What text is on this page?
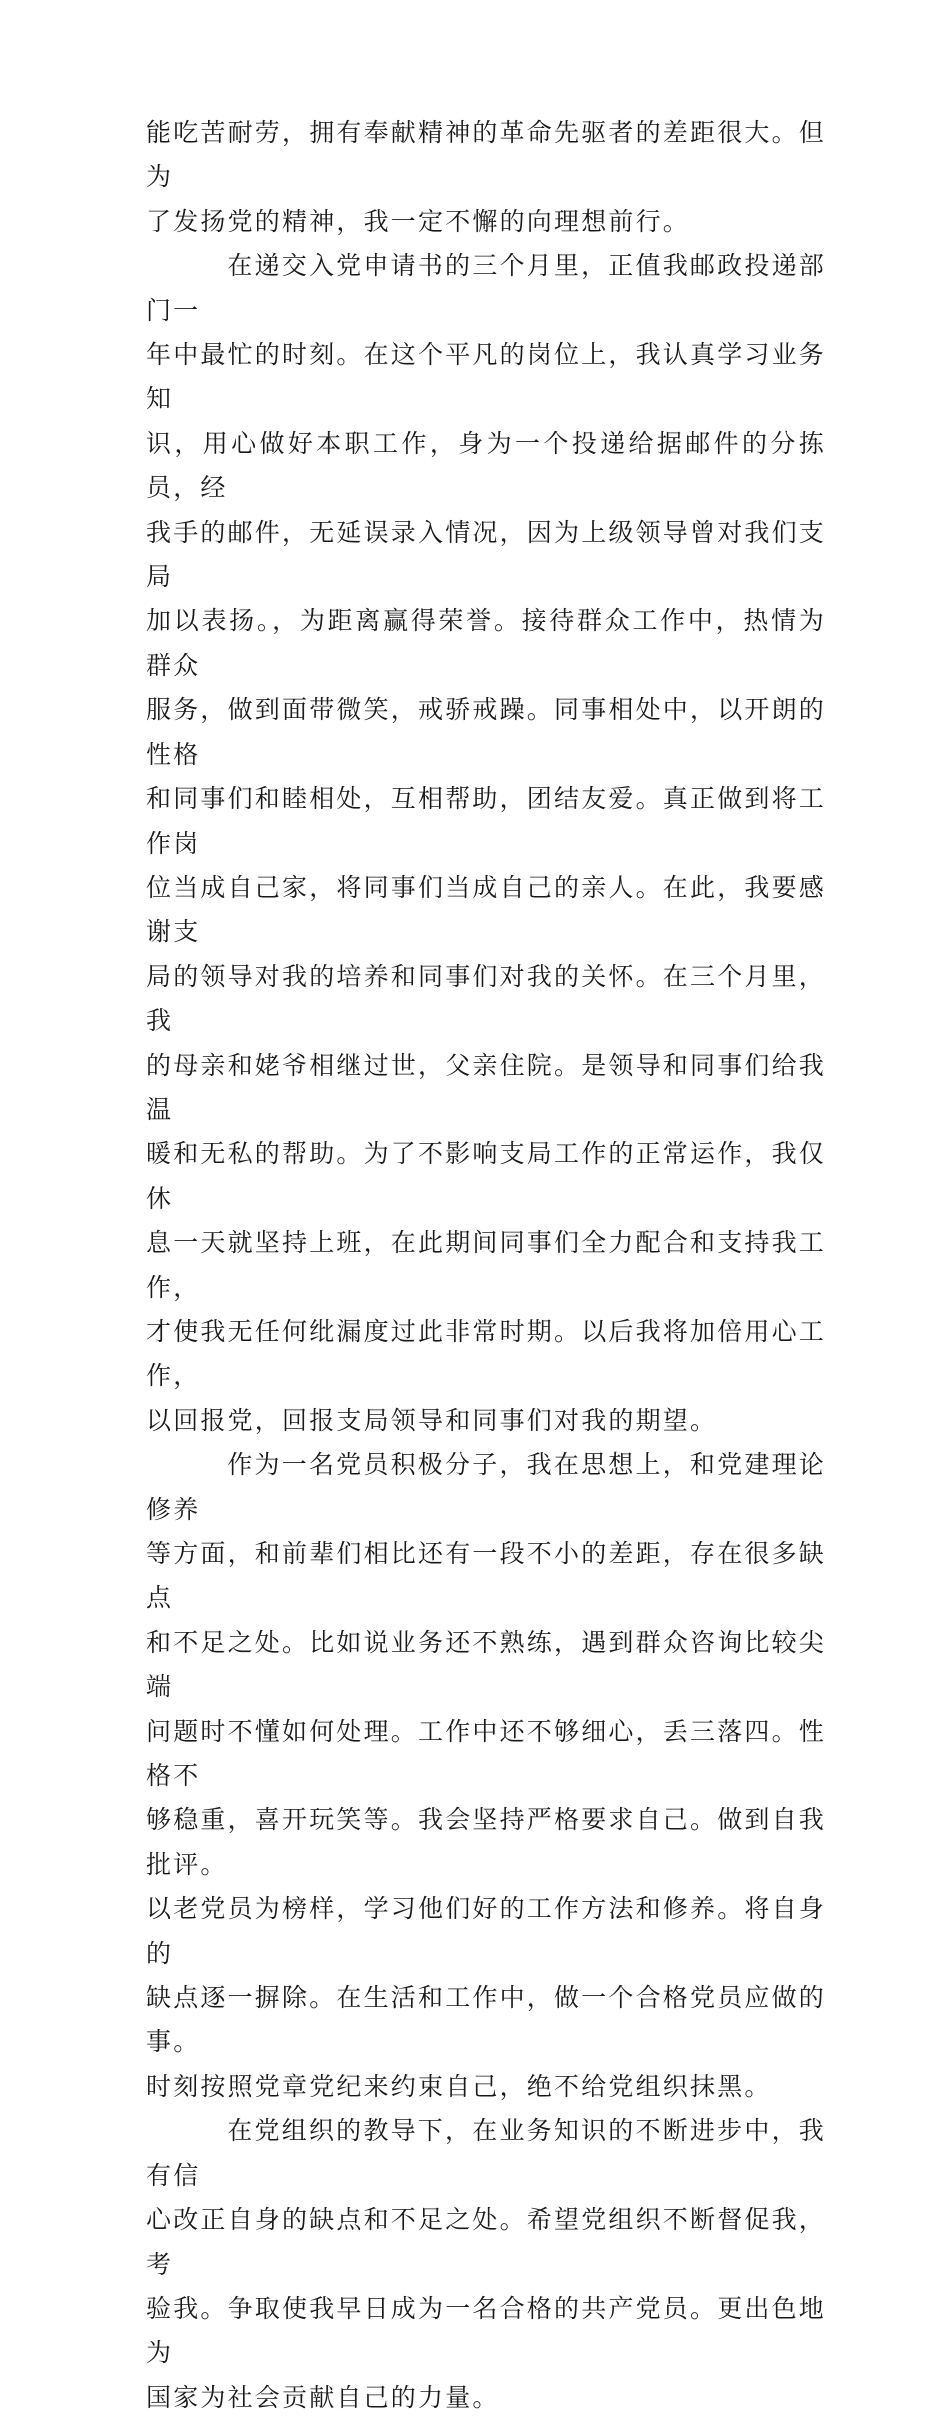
能吃苦耐劳，拥有奉献精神的革命先驱者的差距很大。但为
了发扬党的精神，我一定不懈的向理想前行。

在递交入党申请书的三个月里，正值我邮政投递部门一
年中最忙的时刻。在这个平凡的岗位上，我认真学习业务知
识，用心做好本职工作，身为一个投递给据邮件的分拣员，经
我手的邮件，无延误录入情况，因为上级领导曾对我们支局
加以表扬。，为距离赢得荣誉。接待群众工作中，热情为群众
服务，做到面带微笑，戒骄戒躁。同事相处中，以开朗的性格
和同事们和睦相处，互相帮助，团结友爱。真正做到将工作岗
位当成自己家，将同事们当成自己的亲人。在此，我要感谢支
局的领导对我的培养和同事们对我的关怀。在三个月里，我
的母亲和姥爷相继过世，父亲住院。是领导和同事们给我温
暖和无私的帮助。为了不影响支局工作的正常运作，我仅休
息一天就坚持上班，在此期间同事们全力配合和支持我工作，
才使我无任何纰漏度过此非常时期。以后我将加倍用心工作，
以回报党，回报支局领导和同事们对我的期望。

作为一名党员积极分子，我在思想上，和党建理论修养
等方面，和前辈们相比还有一段不小的差距，存在很多缺点
和不足之处。比如说业务还不熟练，遇到群众咨询比较尖端
问题时不懂如何处理。工作中还不够细心，丢三落四。性格不
够稳重，喜开玩笑等。我会坚持严格要求自己。做到自我批评。
以老党员为榜样，学习他们好的工作方法和修养。将自身的
缺点逐一摒除。在生活和工作中，做一个合格党员应做的事。
时刻按照党章党纪来约束自己，绝不给党组织抹黑。

在党组织的教导下，在业务知识的不断进步中，我有信
心改正自身的缺点和不足之处。希望党组织不断督促我，考
验我。争取使我早日成为一名合格的共产党员。更出色地为
国家为社会贡献自己的力量。
